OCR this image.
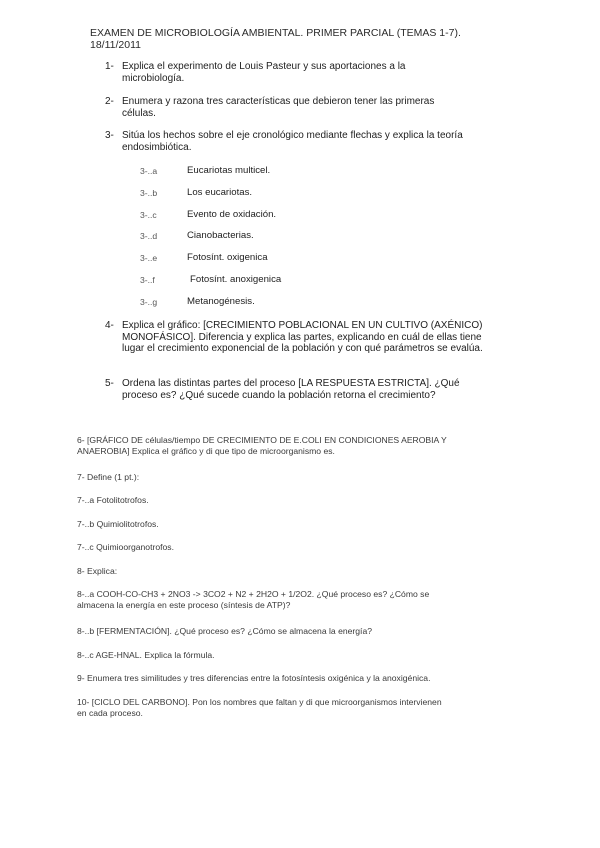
EXAMEN DE MICROBIOLOGÍA AMBIENTAL. PRIMER PARCIAL (TEMAS 1-7).
18/11/2011
1- Explica el experimento de Louis Pasteur y sus aportaciones a la microbiología.
2- Enumera y razona tres características que debieron tener las primeras células.
3- Sitúa los hechos sobre el eje cronológico mediante flechas y explica la teoría endosimbiótica.
3-..a	Eucariotas multicel.
3-..b	Los eucariotas.
3-..c	Evento de oxidación.
3-..d	Cianobacterias.
3-..e	Fotosínt. oxigenica
3-..f	Fotosínt. anoxigenica
3-..g	Metanogénesis.
4- Explica el gráfico: [CRECIMIENTO POBLACIONAL EN UN CULTIVO (AXÉNICO) MONOFÁSICO]. Diferencia y explica las partes, explicando en cuál de ellas tiene lugar el crecimiento exponencial de la población y con qué parámetros se evalúa.
5- Ordena las distintas partes del proceso [LA RESPUESTA ESTRICTA]. ¿Qué proceso es? ¿Qué sucede cuando la población retorna el crecimiento?
6- [GRÁFICO DE células/tiempo DE CRECIMIENTO DE E.COLI EN CONDICIONES AEROBIA Y ANAEROBIA] Explica el gráfico y di que tipo de microorganismo es.
7- Define (1 pt.):
7-..a Fotolitotrofos.
7-..b Quimiolitotrofos.
7-..c Quimioorganotrofos.
8- Explica:
8-..a COOH-CO-CH3 + 2NO3 -> 3CO2 + N2 + 2H2O + 1/2O2. ¿Qué proceso es? ¿Cómo se almacena la energía en este proceso (síntesis de ATP)?
8-..b [FERMENTACIÓN]. ¿Qué proceso es? ¿Cómo se almacena la energía?
8-..c AGE-HNAL. Explica la fórmula.
9- Enumera tres similitudes y tres diferencias entre la fotosíntesis oxigénica y la anoxigénica.
10- [CICLO DEL CARBONO]. Pon los nombres que faltan y di que microorganismos intervienen en cada proceso.
